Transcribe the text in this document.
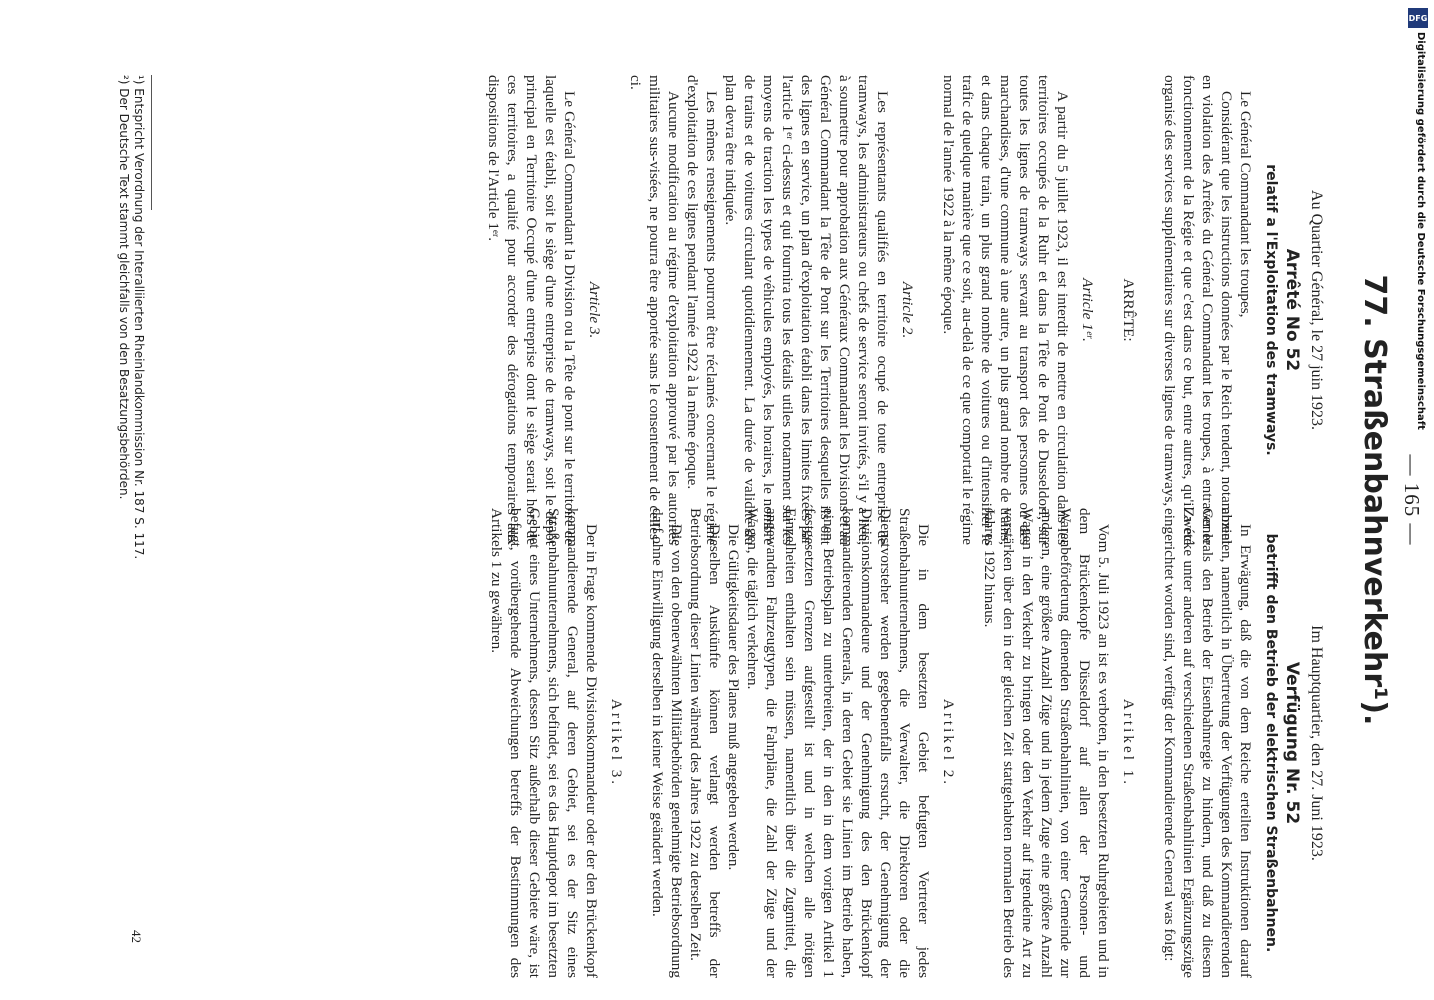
— 165 —
77. Straßenbahnverkehr¹).

Au Quartier Général, le 27 juin 1923.

Arrêté No 52

relatif a l'Exploitation des tramways.

Le Général Commandant les troupes,

Considérant que les instructions données par le Reich tendent, notamment en violation des Arrêtés du Général Commandant les troupes, à entraver le fonctionnement de la Régie et que c'est dans ce but, entre autres, qu'il a été organisé des services supplémentaires sur diverses lignes de tramways,

ARRÊTE:

Article 1ᵉʳ.

A partir du 5 juillet 1923, il est interdit de mettre en circulation dans les territoires occupés de la Ruhr et dans la Tête de Pont de Dusseldorf, sur toutes les lignes de tramways servant au transport des personnes ou des marchandises, d'une commune à une autre, un plus grand nombre de trains, et dans chaque train, un plus grand nombre de voitures ou d'intensifier le trafic de quelque manière que ce soit, au-delà de ce que comportait le régime normal de l'année 1922 à la même époque.

Article 2.

Les représentants qualifiés en territoire ocupé de toute entreprise de tramways, les administrateurs ou chefs de service seront invités, s'il y a lieu, à soumettre pour approbation aux Généraux Commandant les Divisions et au Général Commandant la Tête de Pont sur les Territoires desquelles ils ont des lignes en service, un plan d'exploitation établi dans les limites fixées par l'article 1ᵉʳ ci-dessus et qui fournira tous les détails utiles notamment sur les moyens de traction les types de véhicules employés, les horaires, le nombre de trains et de voitures circulant quotidiennement. La durée de validite du plan devra être indiquée.

Les mêmes renseignements pourront être réclamés concernant le régime d'exploitation de ces lignes pendant l'année 1922 à la même époque.

Aucune modification au régime d'exploitation approuvé par les autorités militaires sus-visées, ne pourra être apportée sans le consentement de celles-ci.

Article 3.

Le Général Commandant la Division ou la Tête de pont sur le territoire de laquelle est établi, soit le siège d'une entreprise de tramways, soit le dépôt principal en Territoire Occupé d'une entreprise dont le siège serait hors de ces territoires, a qualité pour accorder des dérogations temporaires aux dispositions de l'Article 1ᵉʳ.

Im Hauptquartier, den 27. Juni 1923.

Verfügung Nr. 52

betrifft den Betrieb der elektrischen Straßenbahnen.

In Erwägung, daß die von dem Reiche erteilten Instruktionen darauf abzielen, namentlich in Übertretung der Verfügungen des Kommandierenden Generals den Betrieb der Eisenbahnregie zu hindern, und daß zu diesem Zwecke unter anderen auf verschiedenen Straßenbahnlinien Ergänzungszüge eingerichtet worden sind, verfügt der Kommandierende General was folgt:

Artikel 1.

Vom 5. Juli 1923 an ist es verboten, in den besetzten Ruhrgebieten und in dem Brückenkopfe Düsseldorf auf allen der Personen- und Warenbeförderung dienenden Straßenbahnlinien, von einer Gemeinde zur anderen, eine größere Anzahl Züge und in jedem Zuge eine größere Anzahl Wagen in den Verkehr zu bringen oder den Verkehr auf irgendeine Art zu verstärken über den in der gleichen Zeit stattgehabten normalen Betrieb des Jahres 1922 hinaus.

Artikel 2.

Die in dem besetzten Gebiet befugten Vertreter jedes Straßenbahnunternehmens, die Verwalter, die Direktoren oder die Dienstvorsteher werden gegebenenfalls ersucht, der Genehmigung der Divisionskommandeure und der Genehmigung des den Brückenkopf kommandierenden Generals, in deren Gebiet sie Linien im Betrieb haben, einen Betriebsplan zu unterbreiten, der in den in dem vorigen Artikel 1 festgesetzten Grenzen aufgestellt ist und in welchen alle nötigen Einzelheiten enthalten sein müssen, namentlich über die Zugmittel, die angewandten Fahrzeugtypen, die Fahrpläne, die Zahl der Züge und der Wagen, die täglich verkehren.

Die Gültigkeitsdauer des Planes muß angegeben werden.

Dieselben Auskünfte können verlangt werden betreffs der Betriebsordnung dieser Linien während des Jahres 1922 zu derselben Zeit.

Die von den obenerwähnten Militärbehörden genehmigte Betriebsordnung darf ohne Einwilligung derselben in keiner Weise geändert werden.

Artikel 3.

Der in Frage kommende Divisionskommandeur oder der den Brückenkopf kommandierende General, auf deren Gebiet, sei es der Sitz eines Straßenbahnunternehmens, sich befindet, sei es das Hauptdepot im besetzten Gebiet eines Unternehmens, dessen Sitz außerhalb dieser Gebiete wäre, ist befugt, vorübergehende Abweichungen betreffs der Bestimmungen des Artikels 1 zu gewähren.

¹) Entspricht Verordnung der Interalliierten Rheinlandkommission Nr. 187 S. 117.

²) Der Deutsche Text stammt gleichfalls von den Besatzungsbehörden.

42
DFG
Digitalisierung gefördert durch die Deutsche Forschungsgemeinschaft
